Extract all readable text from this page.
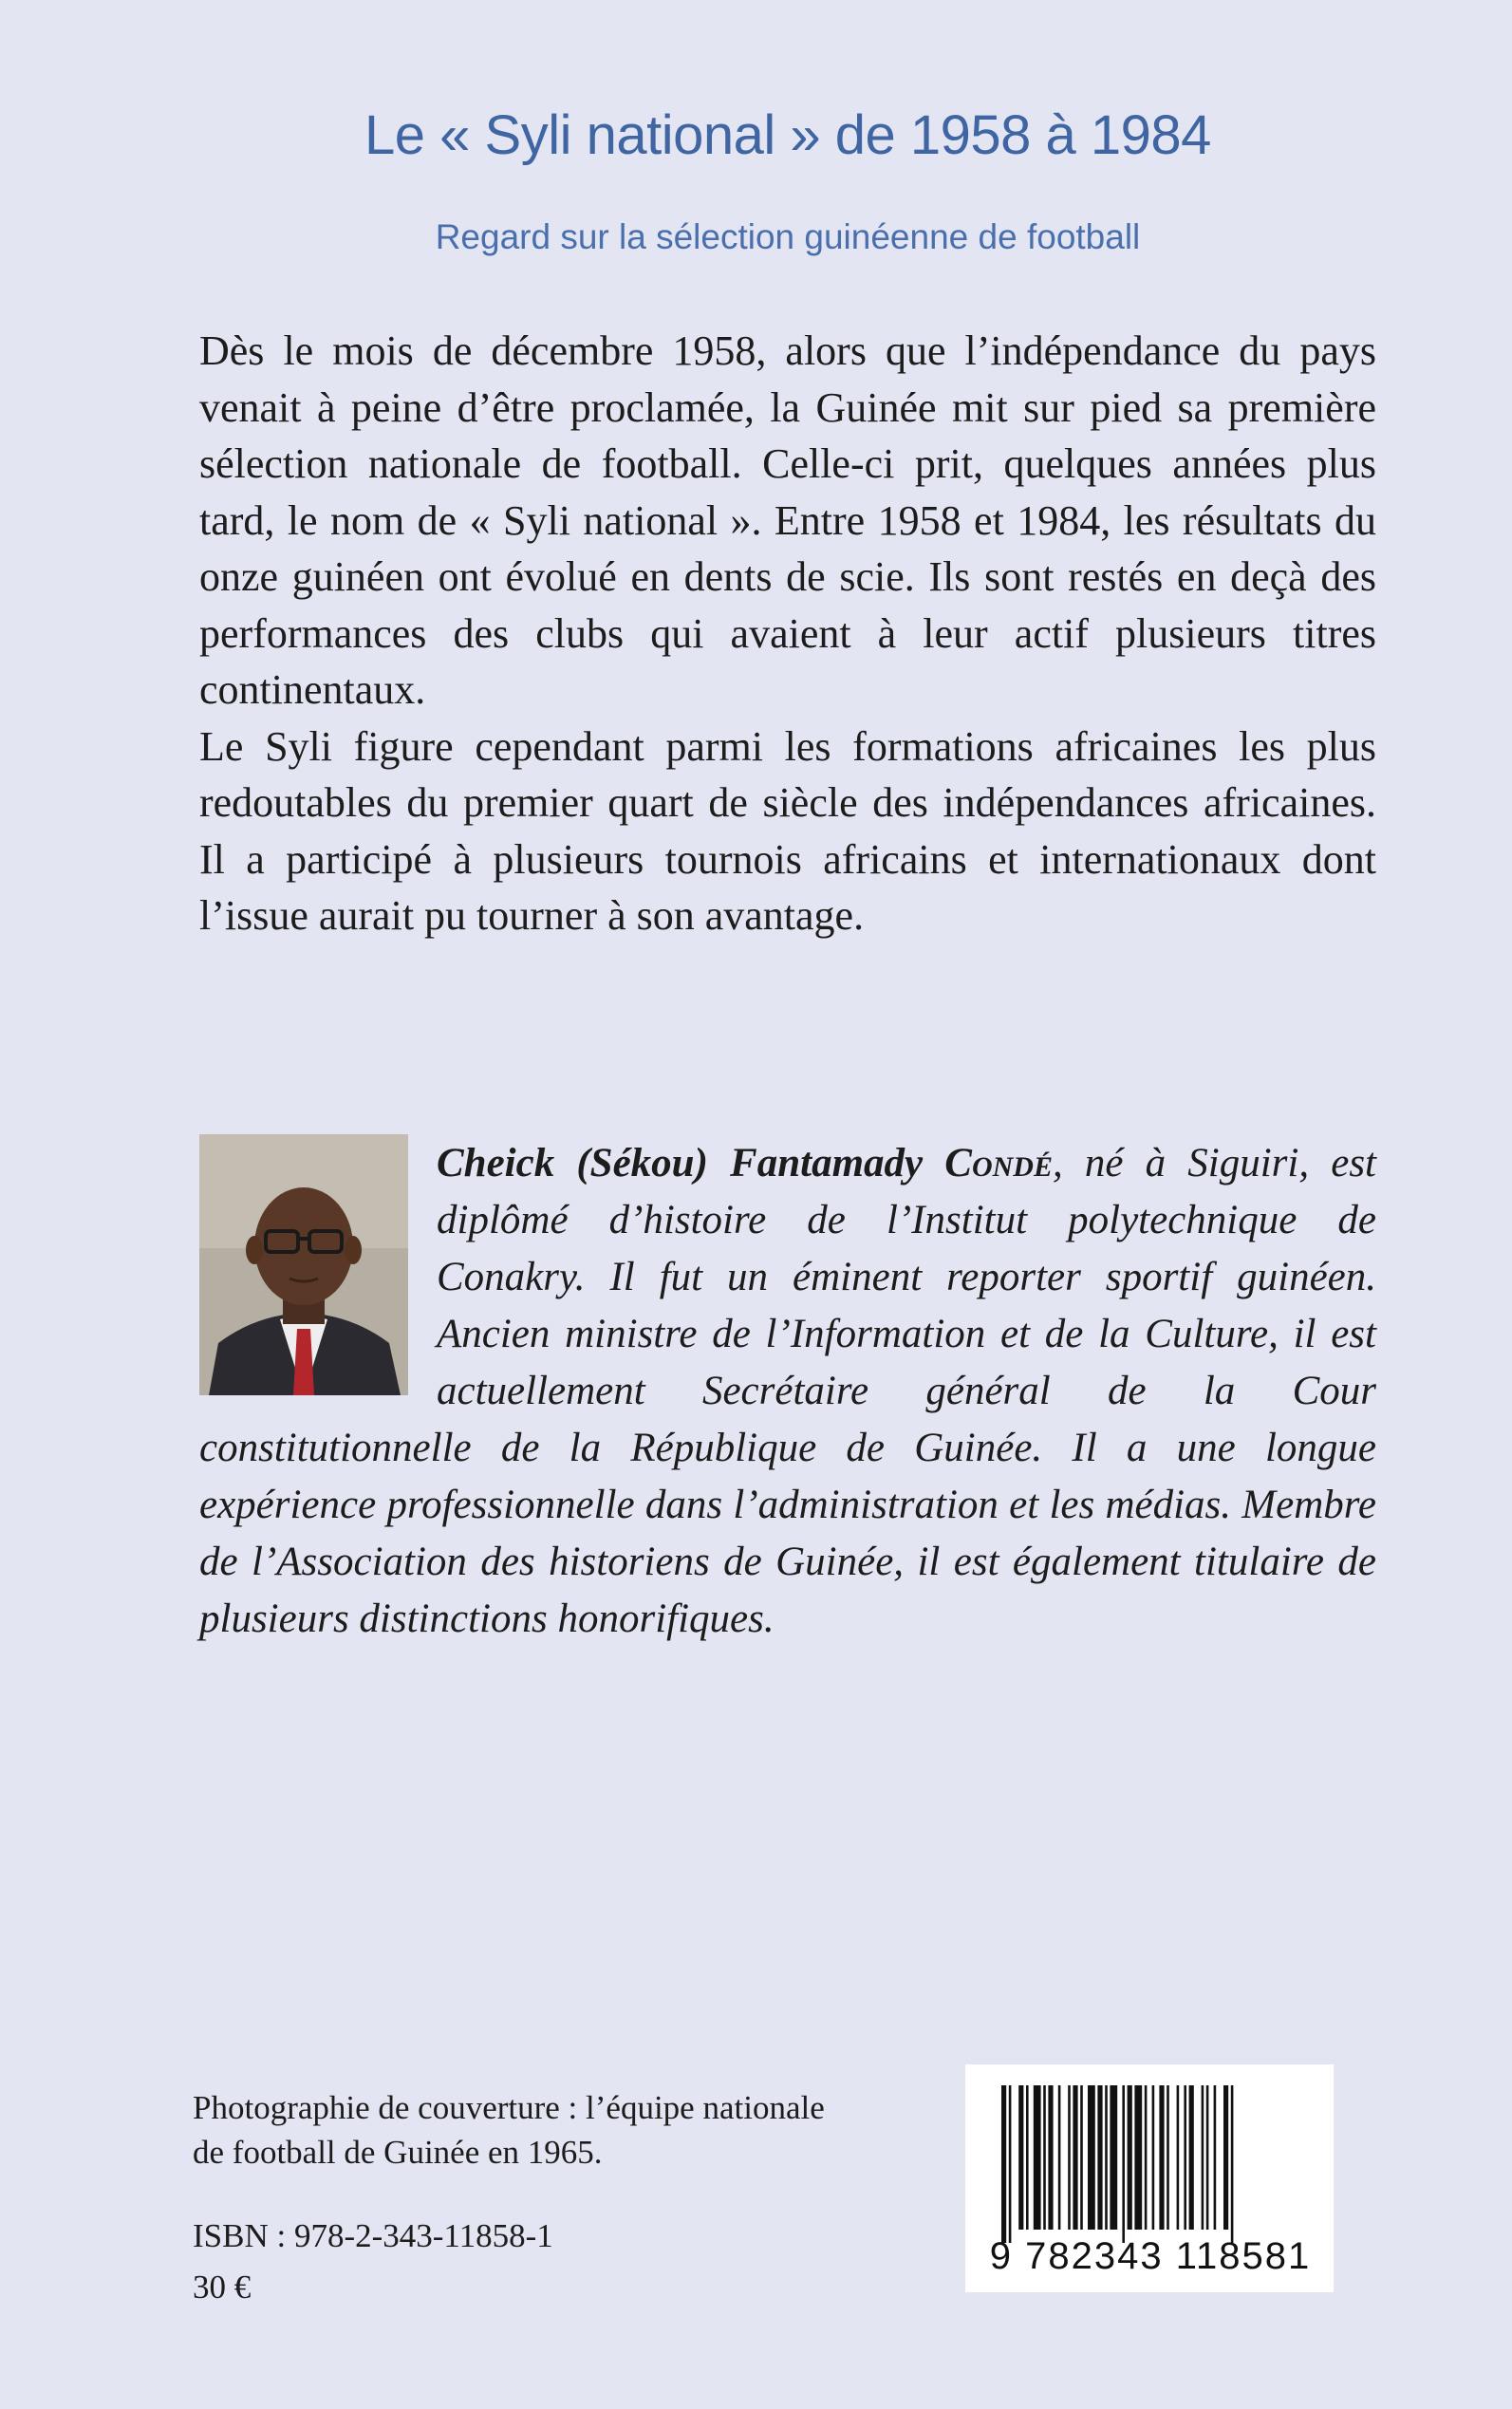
Le « Syli national » de 1958 à 1984
Regard sur la sélection guinéenne de football

Dès le mois de décembre 1958, alors que l’indépendance du pays venait à peine d’être proclamée, la Guinée mit sur pied sa première sélection nationale de football. Celle-ci prit, quelques années plus tard, le nom de « Syli national ». Entre 1958 et 1984, les résultats du onze guinéen ont évolué en dents de scie. Ils sont restés en deçà des performances des clubs qui avaient à leur actif plusieurs titres continentaux.

Le Syli figure cependant parmi les formations africaines les plus redoutables du premier quart de siècle des indépendances africaines. Il a participé à plusieurs tournois africains et internationaux dont l’issue aurait pu tourner à son avantage.

Cheick (Sékou) Fantamady Condé, né à Siguiri, est diplômé d’histoire de l’Institut polytechnique de Conakry. Il fut un éminent reporter sportif guinéen. Ancien ministre de l’Information et de la Culture, il est actuellement Secrétaire général de la Cour constitutionnelle de la République de Guinée. Il a une longue expérience professionnelle dans l’administration et les médias. Membre de l’Association des historiens de Guinée, il est également titulaire de plusieurs distinctions honorifiques.
Photographie de couverture : l’équipe nationale
de football de Guinée en 1965.
ISBN : 978-2-343-11858-1
30 €
9 782343 118581
